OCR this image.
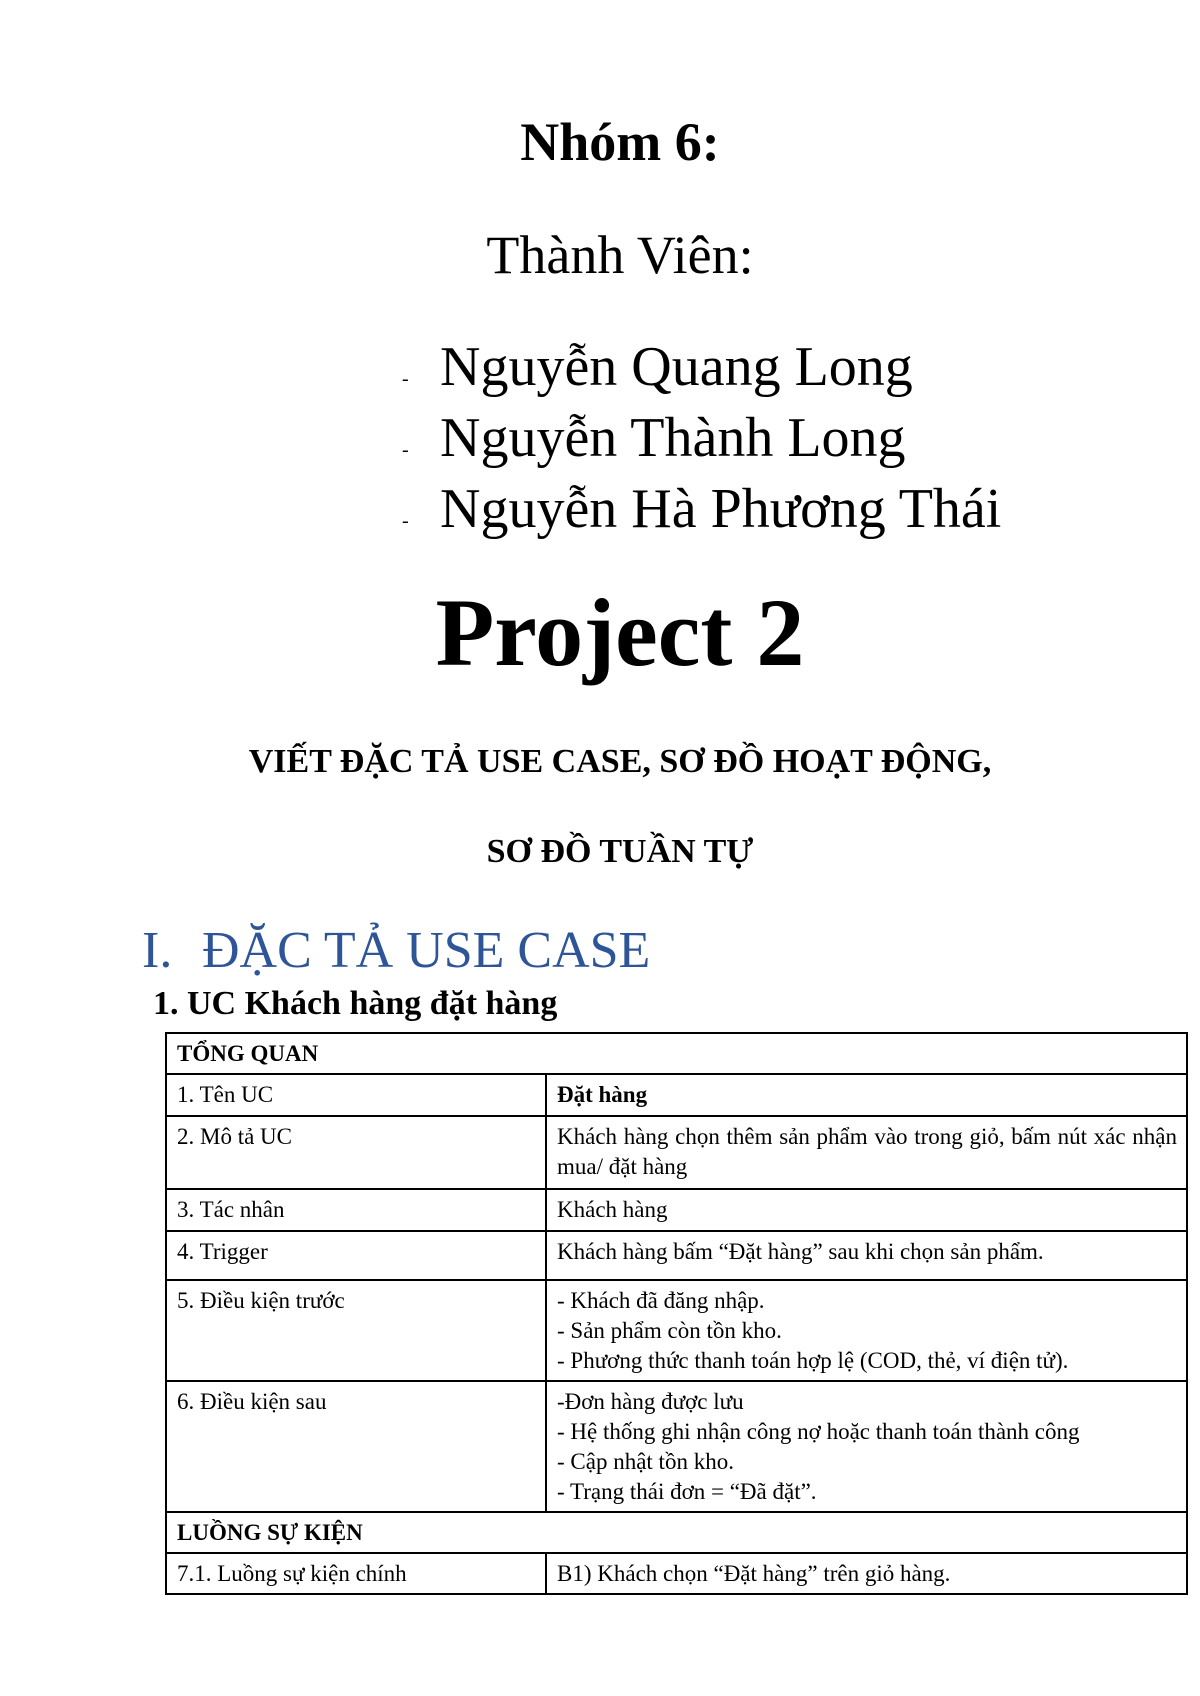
Nhóm 6:
Thành Viên:
- Nguyễn Quang Long
- Nguyễn Thành Long
- Nguyễn Hà Phương Thái
Project 2
VIẾT ĐẶC TẢ USE CASE, SƠ ĐỒ HOẠT ĐỘNG,
SƠ ĐỒ TUẦN TỰ
I. ĐẶC TẢ USE CASE
1. UC Khách hàng đặt hàng
TỔNG QUAN	
1. Tên UC	Đặt hàng
2. Mô tả UC	Khách hàng chọn thêm sản phẩm vào trong giỏ, bấm nút xác nhận mua/ đặt hàng
3. Tác nhân	Khách hàng
4. Trigger	Khách hàng bấm “Đặt hàng” sau khi chọn sản phẩm.
5. Điều kiện trước	- Khách đã đăng nhập.
- Sản phẩm còn tồn kho.
- Phương thức thanh toán hợp lệ (COD, thẻ, ví điện tử).

6. Điều kiện sau	-Đơn hàng được lưu
- Hệ thống ghi nhận công nợ hoặc thanh toán thành công
- Cập nhật tồn kho.
- Trạng thái đơn = “Đã đặt”.

LUỒNG SỰ KIỆN	
7.1. Luồng sự kiện chính	B1) Khách chọn “Đặt hàng” trên giỏ hàng.
